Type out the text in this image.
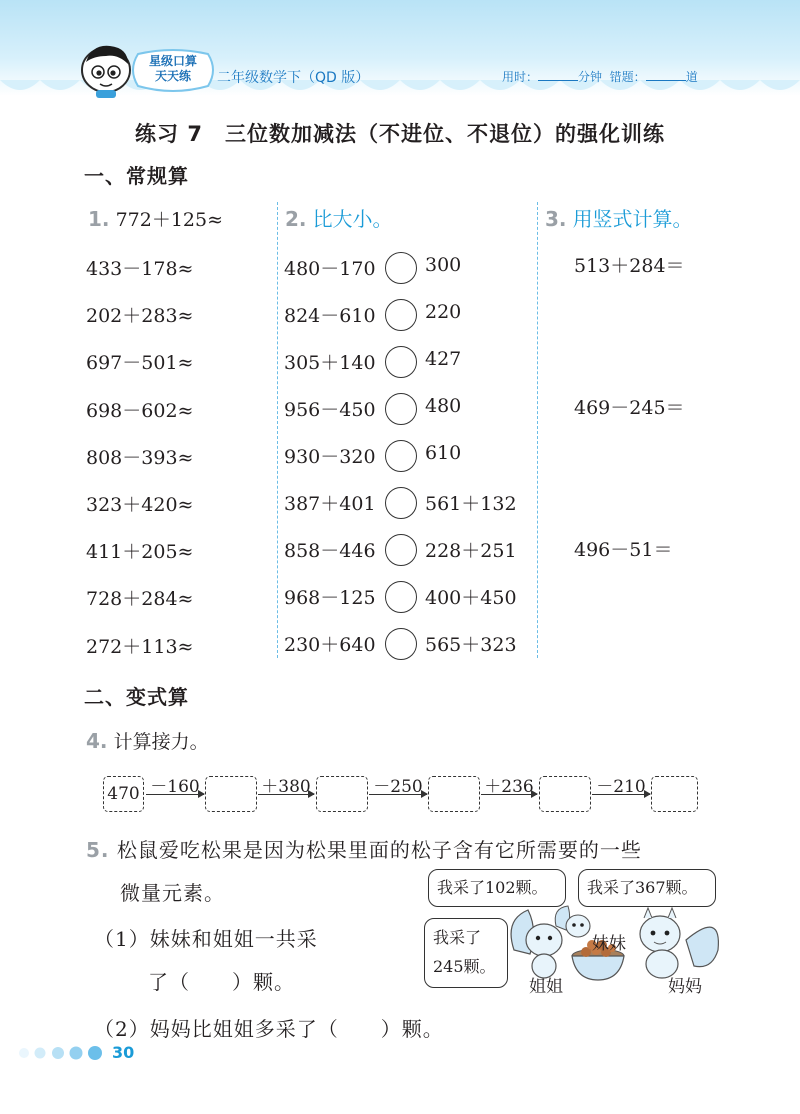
星级口算
天天练	二年级数学下（QD 版）	用时：	分钟 错题：	道
练习 7　三位数加减法（不进位、不退位）的强化训练
一、常规算
1. 772＋125≈
433－178≈
202＋283≈
697－501≈
698－602≈
808－393≈
323＋420≈
411＋205≈
728＋284≈
272＋113≈
2. 比大小。
480－170	300
824－610	220
305＋140	427
956－450	480
930－320	610
387＋401	561＋132
858－446	228＋251
968－125	400＋450
230＋640	565＋323
3. 用竖式计算。
513＋284＝
469－245＝
496－51＝
二、变式算
4. 计算接力。
470 －160	＋380	－250	＋236	－210
5. 松鼠爱吃松果是因为松果里面的松子含有它所需要的一些
微量元素。
（1）妹妹和姐姐一共采
了（　　）颗。
（2）妈妈比姐姐多采了（　　）颗。
我采了102颗。	我采了367颗。
我采了
245颗。
姐姐
妹妹
妈妈
30
